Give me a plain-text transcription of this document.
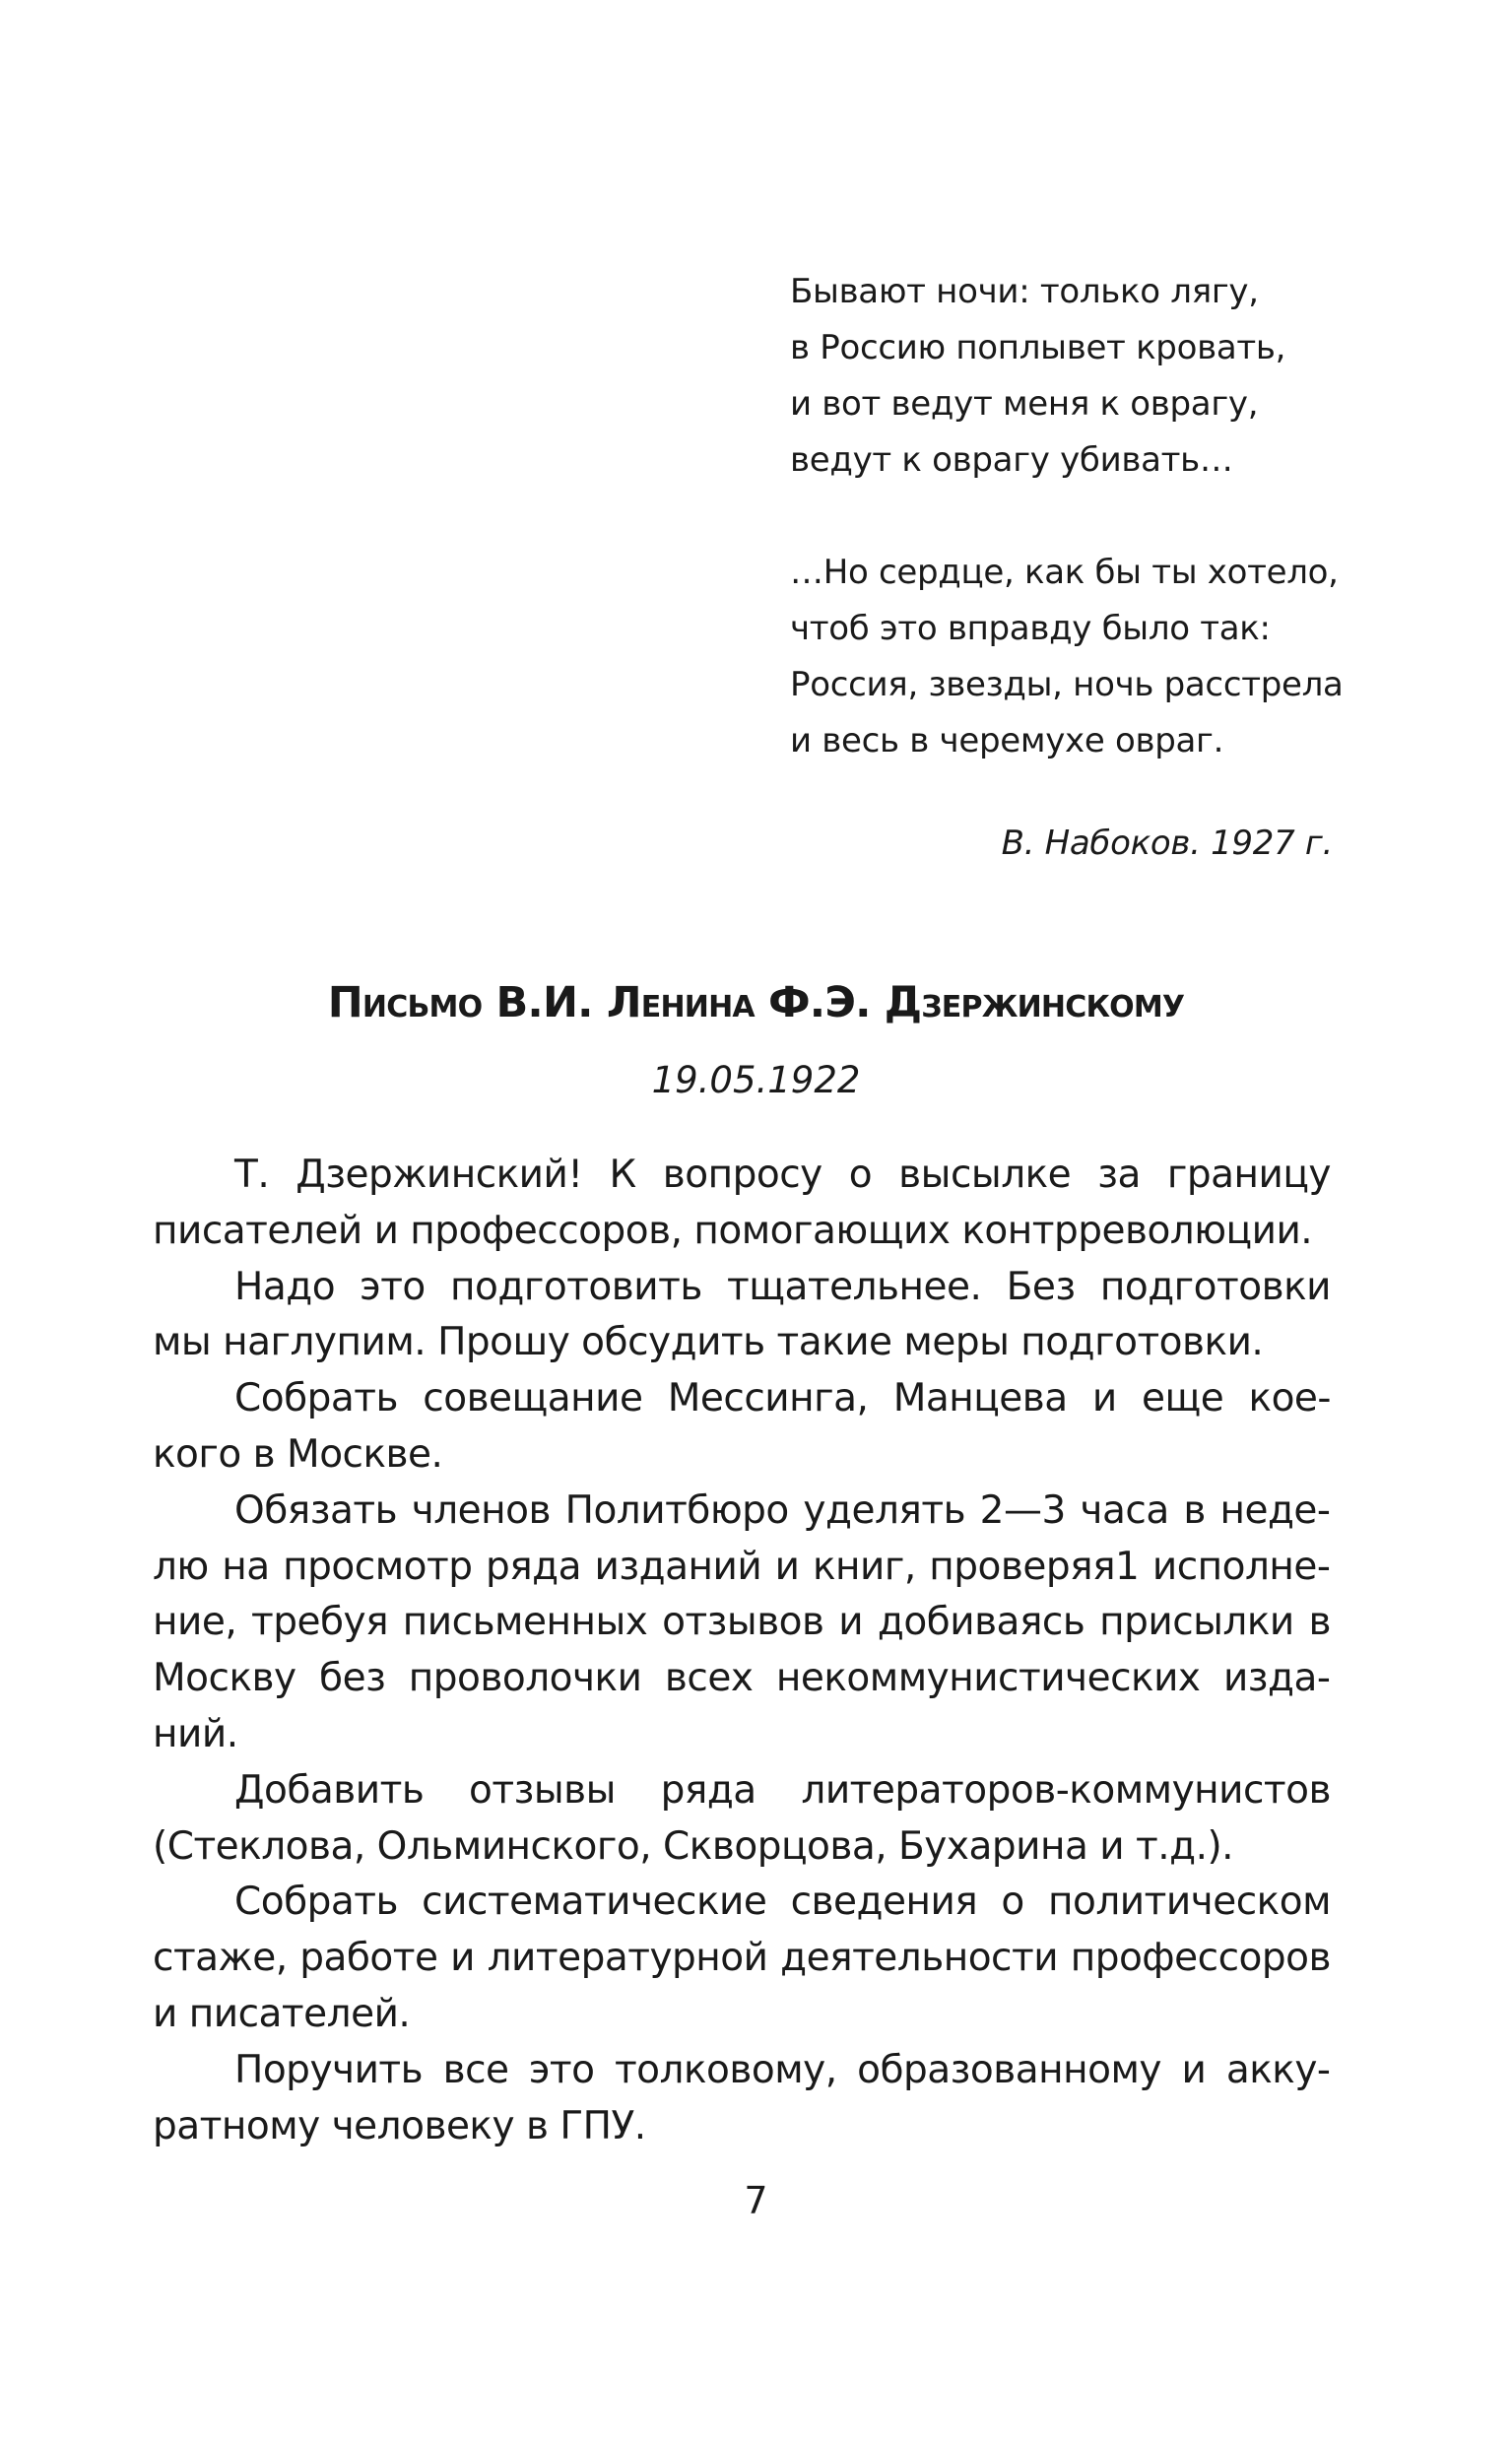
Бывают ночи: только лягу,
в Россию поплывет кровать,
и вот ведут меня к оврагу,
ведут к оврагу убивать…
…Но сердце, как бы ты хотело,
чтоб это вправду было так:
Россия, звезды, ночь расстрела
и весь в черемухе овраг.
В. Набоков. 1927 г.
Письмо В.И. Ленина Ф.Э. Дзержинскому
19.05.1922

Т. Дзержинский! К вопросу о высылке за границу писателей и профессоров, помогающих контрреволюции.

Надо это подготовить тщательнее. Без подготовки мы наглупим. Прошу обсудить такие меры подготовки.

Собрать совещание Мессинга, Манцева и еще кое-кого в Москве.

Обязать членов Политбюро уделять 2—3 часа в неделю на просмотр ряда изданий и книг, проверяя1 исполнение, требуя письменных отзывов и добиваясь присылки в Москву без проволочки всех некоммунистических изданий.

Добавить отзывы ряда литераторов-коммунистов (Стеклова, Ольминского, Скворцова, Бухарина и т.д.).

Собрать систематические сведения о политическом стаже, работе и литературной деятельности профессоров и писателей.

Поручить все это толковому, образованному и аккуратному человеку в ГПУ.

7
